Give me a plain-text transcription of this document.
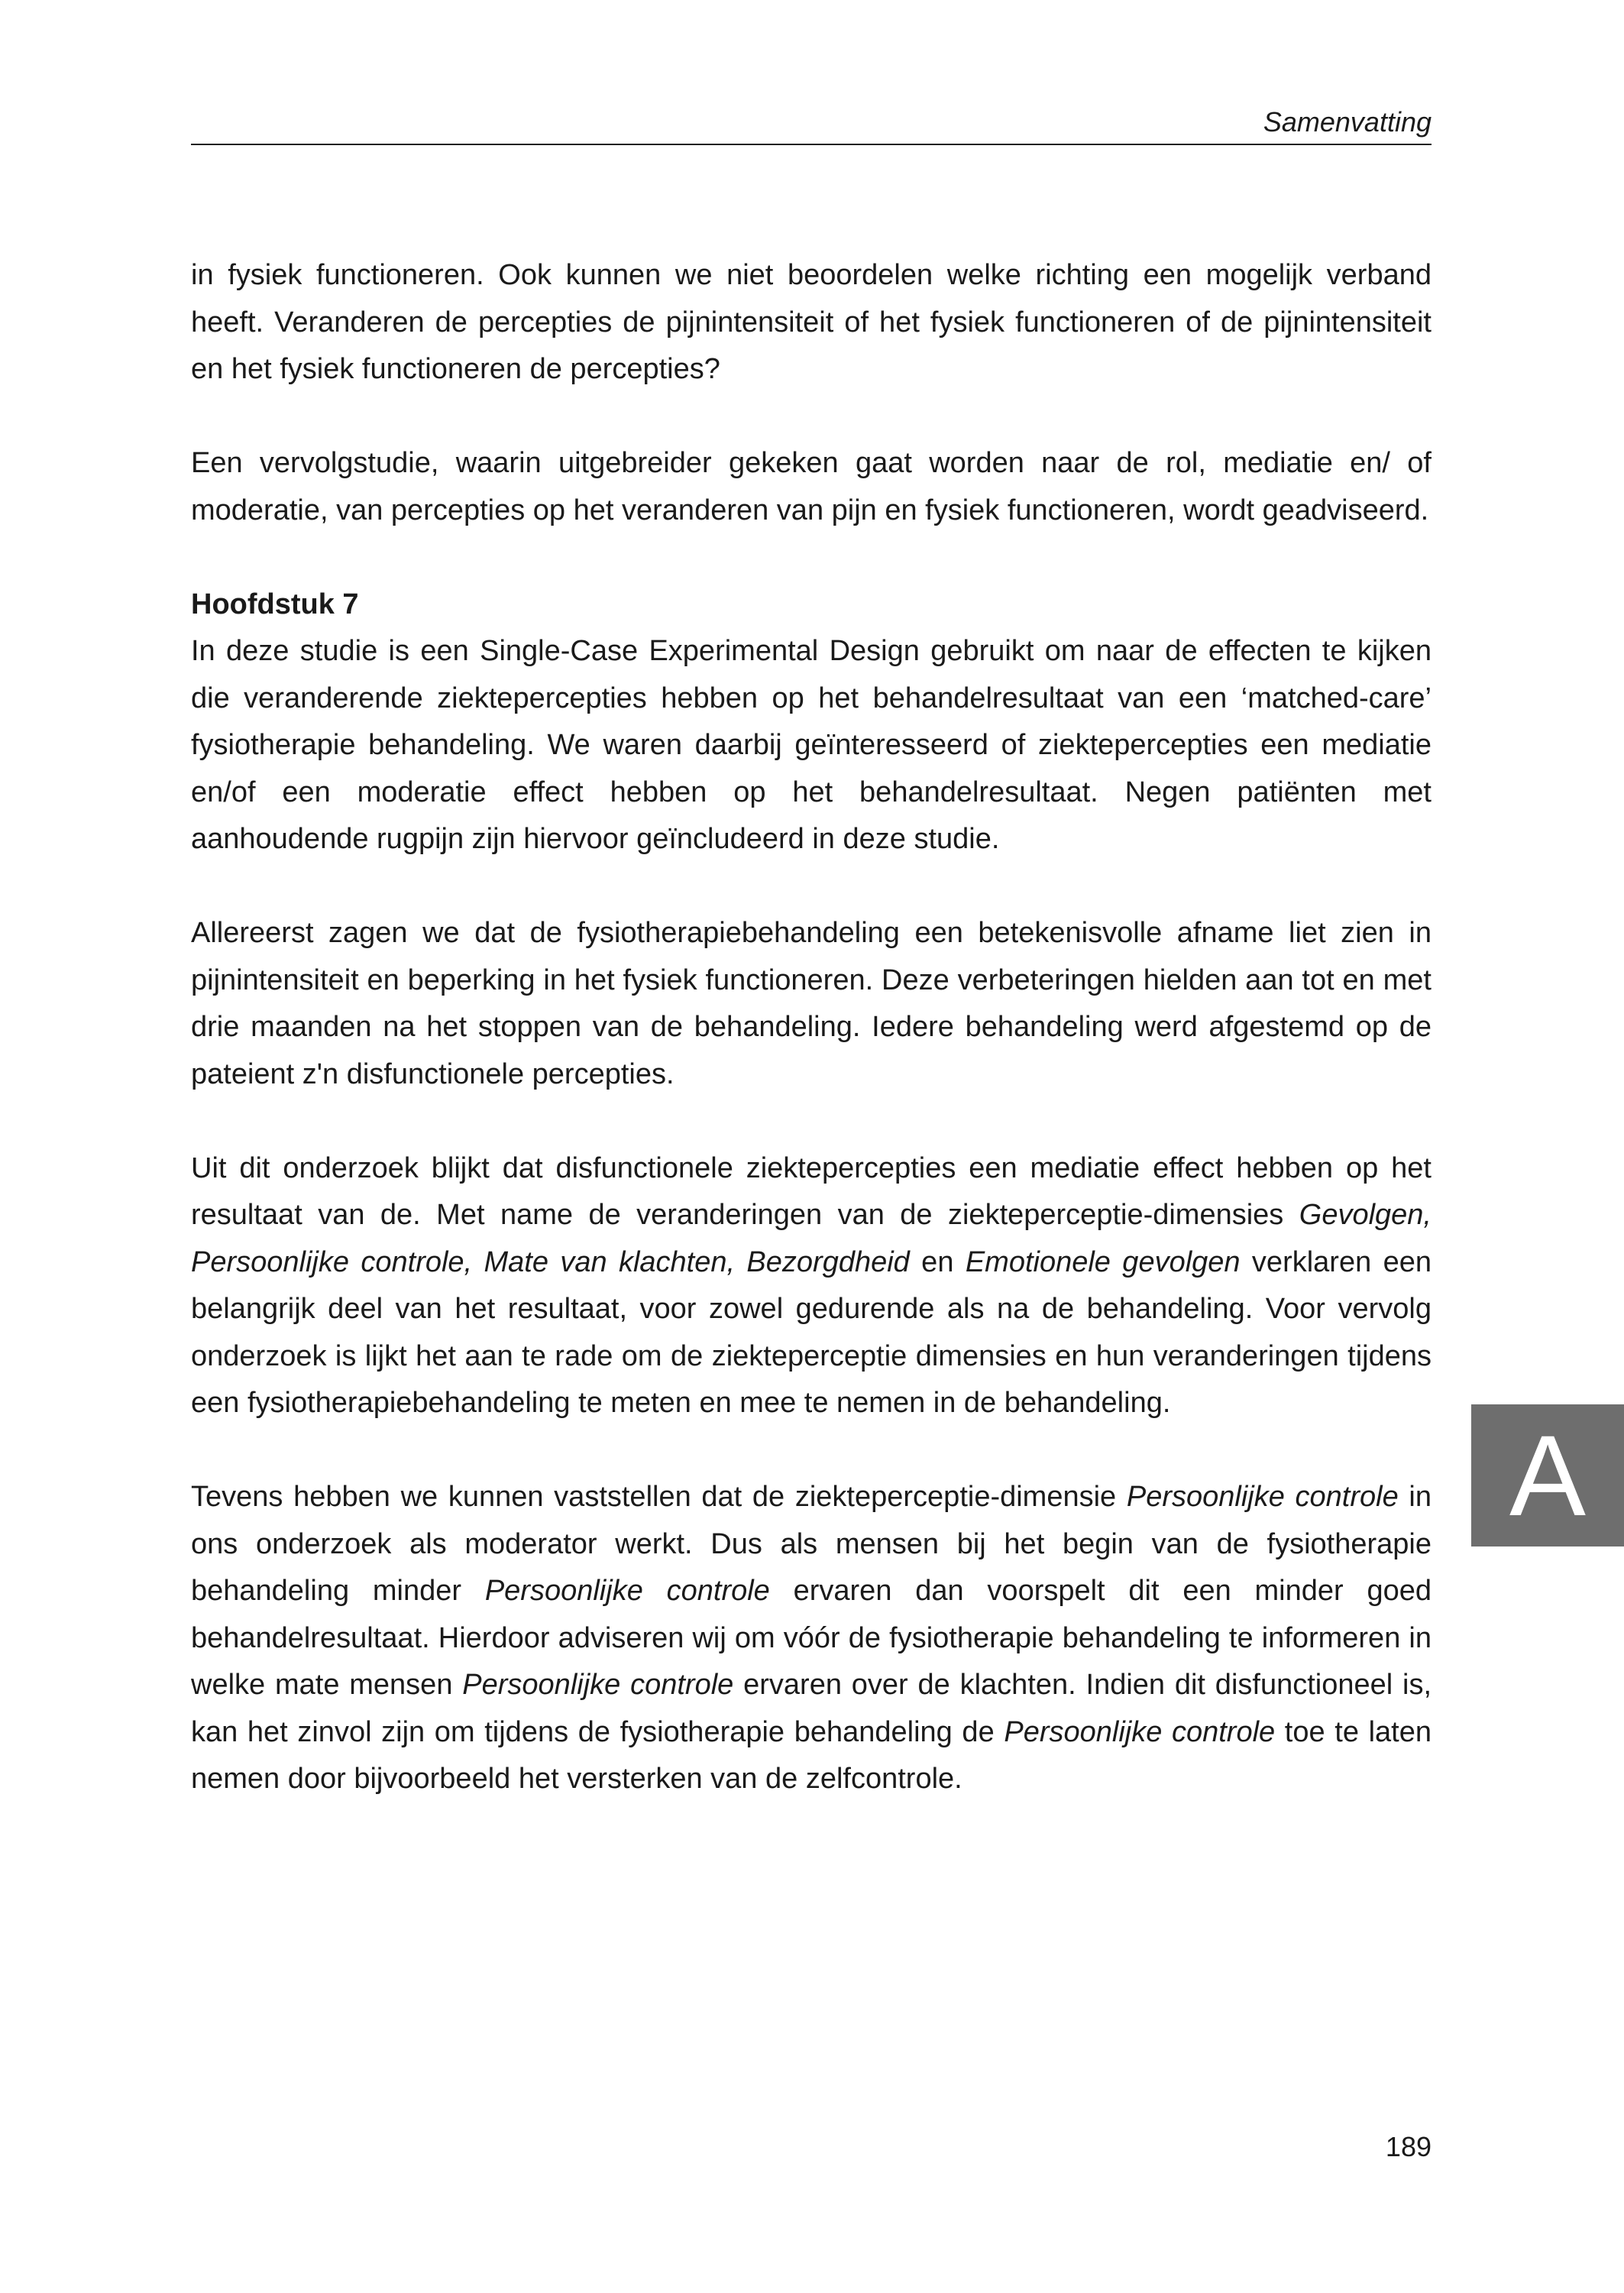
Samenvatting

in fysiek functioneren. Ook kunnen we niet beoordelen welke richting een mogelijk verband heeft. Veranderen de percepties de pijnintensiteit of het fysiek functioneren of de pijnintensiteit en het fysiek functioneren de percepties?

Een vervolgstudie, waarin uitgebreider gekeken gaat worden naar de rol, mediatie en/ of moderatie, van percepties op het veranderen van pijn en fysiek functioneren, wordt geadviseerd.

Hoofdstuk 7

In deze studie is een Single-Case Experimental Design gebruikt om naar de effecten te kijken die veranderende ziektepercepties hebben op het behandelresultaat van een ‘matched-care’ fysiotherapie behandeling. We waren daarbij geïnteresseerd of ziektepercepties een mediatie en/of een moderatie effect hebben op het behandelresultaat. Negen patiënten met aanhoudende rugpijn zijn hiervoor geïncludeerd in deze studie.

Allereerst zagen we dat de fysiotherapiebehandeling een betekenisvolle afname liet zien in pijnintensiteit en beperking in het fysiek functioneren. Deze verbeteringen hielden aan tot en met drie maanden na het stoppen van de behandeling. Iedere behandeling werd afgestemd op de pateient z'n disfunctionele percepties.

Uit dit onderzoek blijkt dat disfunctionele ziektepercepties een mediatie effect hebben op het resultaat van de. Met name de veranderingen van de ziekteperceptie-dimensies Gevolgen, Persoonlijke controle, Mate van klachten, Bezorgdheid en Emotionele gevolgen verklaren een belangrijk deel van het resultaat, voor zowel gedurende als na de behandeling. Voor vervolg onderzoek is lijkt het aan te rade om de ziekteperceptie dimensies en hun veranderingen tijdens een fysiotherapiebehandeling te meten en mee te nemen in de behandeling.

Tevens hebben we kunnen vaststellen dat de ziekteperceptie-dimensie Persoonlijke controle in ons onderzoek als moderator werkt. Dus als mensen bij het begin van de fysiotherapie behandeling minder Persoonlijke controle ervaren dan voorspelt dit een minder goed behandelresultaat. Hierdoor adviseren wij om vóór de fysiotherapie behandeling te informeren in welke mate mensen Persoonlijke controle ervaren over de klachten. Indien dit disfunctioneel is, kan het zinvol zijn om tijdens de fysiotherapie behandeling de Persoonlijke controle toe te laten nemen door bijvoorbeeld het versterken van de zelfcontrole.

A
189
